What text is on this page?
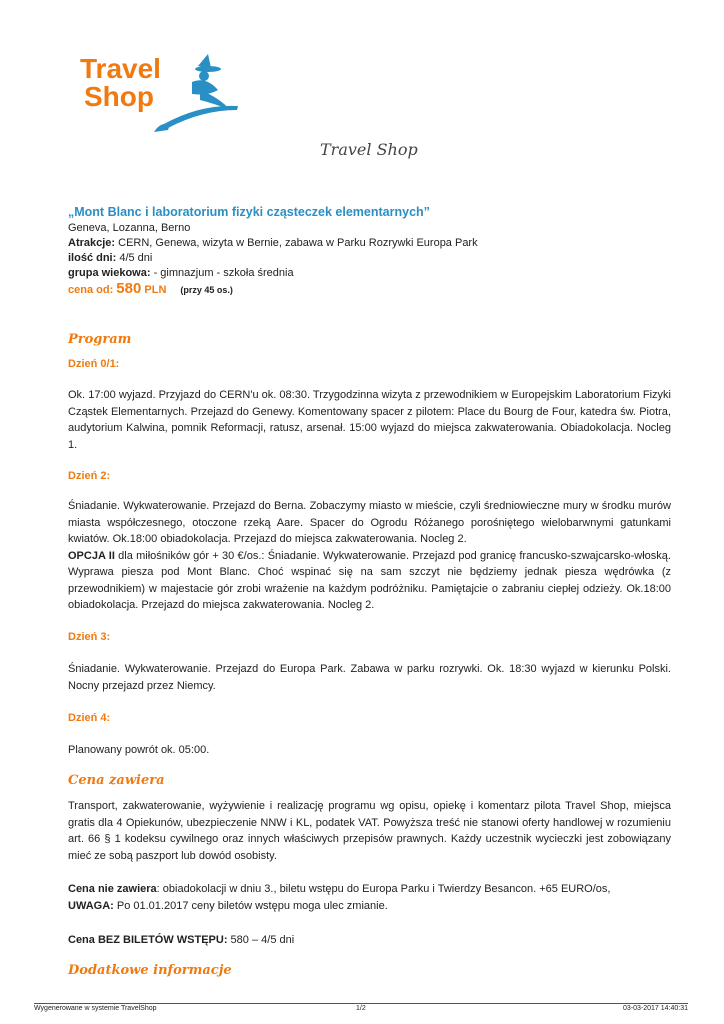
Travel
Shop
Travel Shop
„Mont Blanc i laboratorium fizyki cząsteczek elementarnych”
Geneva, Lozanna, Berno
Atrakcje: CERN, Genewa, wizyta w Bernie, zabawa w Parku Rozrywki Europa Park
ilość dni: 4/5 dni
grupa wiekowa: - gimnazjum - szkoła średnia
cena od: 580 PLN (przy 45 os.)
Program
Dzień 0/1:
Ok. 17:00 wyjazd. Przyjazd do CERN'u ok. 08:30. Trzygodzinna wizyta z przewodnikiem w Europejskim Laboratorium Fizyki Cząstek Elementarnych. Przejazd do Genewy. Komentowany spacer z pilotem: Place du Bourg de Four, katedra św. Piotra, audytorium Kalwina, pomnik Reformacji, ratusz, arsenał. 15:00 wyjazd do miejsca zakwaterowania. Obiadokolacja. Nocleg 1.
Dzień 2:
Śniadanie. Wykwaterowanie. Przejazd do Berna. Zobaczymy miasto w mieście, czyli średniowieczne mury w środku murów miasta współczesnego, otoczone rzeką Aare. Spacer do Ogrodu Różanego porośniętego wielobarwnymi gatunkami kwiatów. Ok.18:00 obiadokolacja. Przejazd do miejsca zakwaterowania. Nocleg 2.
OPCJA II dla miłośników gór + 30 €/os.: Śniadanie. Wykwaterowanie. Przejazd pod granicę francusko-szwajcarsko-włoską. Wyprawa piesza pod Mont Blanc. Choć wspinać się na sam szczyt nie będziemy jednak piesza wędrówka (z przewodnikiem) w majestacie gór zrobi wrażenie na każdym podróżniku. Pamiętajcie o zabraniu ciepłej odzieży. Ok.18:00 obiadokolacja. Przejazd do miejsca zakwaterowania. Nocleg 2.
Dzień 3:
Śniadanie. Wykwaterowanie. Przejazd do Europa Park. Zabawa w parku rozrywki. Ok. 18:30 wyjazd w kierunku Polski. Nocny przejazd przez Niemcy.
Dzień 4:
Planowany powrót ok. 05:00.
Cena zawiera
Transport, zakwaterowanie, wyżywienie i realizację programu wg opisu, opiekę i komentarz pilota Travel Shop, miejsca gratis dla 4 Opiekunów, ubezpieczenie NNW i KL, podatek VAT. Powyższa treść nie stanowi oferty handlowej w rozumieniu art. 66 § 1 kodeksu cywilnego oraz innych właściwych przepisów prawnych. Każdy uczestnik wycieczki jest zobowiązany mieć ze sobą paszport lub dowód osobisty.
Cena nie zawiera: obiadokolacji w dniu 3., biletu wstępu do Europa Parku i Twierdzy Besancon. +65 EURO/os,
UWAGA: Po 01.01.2017 ceny biletów wstępu moga ulec zmianie.
Cena BEZ BILETÓW WSTĘPU: 580 – 4/5 dni
Dodatkowe informacje
Wygenerowane w systemie TravelShop	1/2	03-03-2017 14:40:31
